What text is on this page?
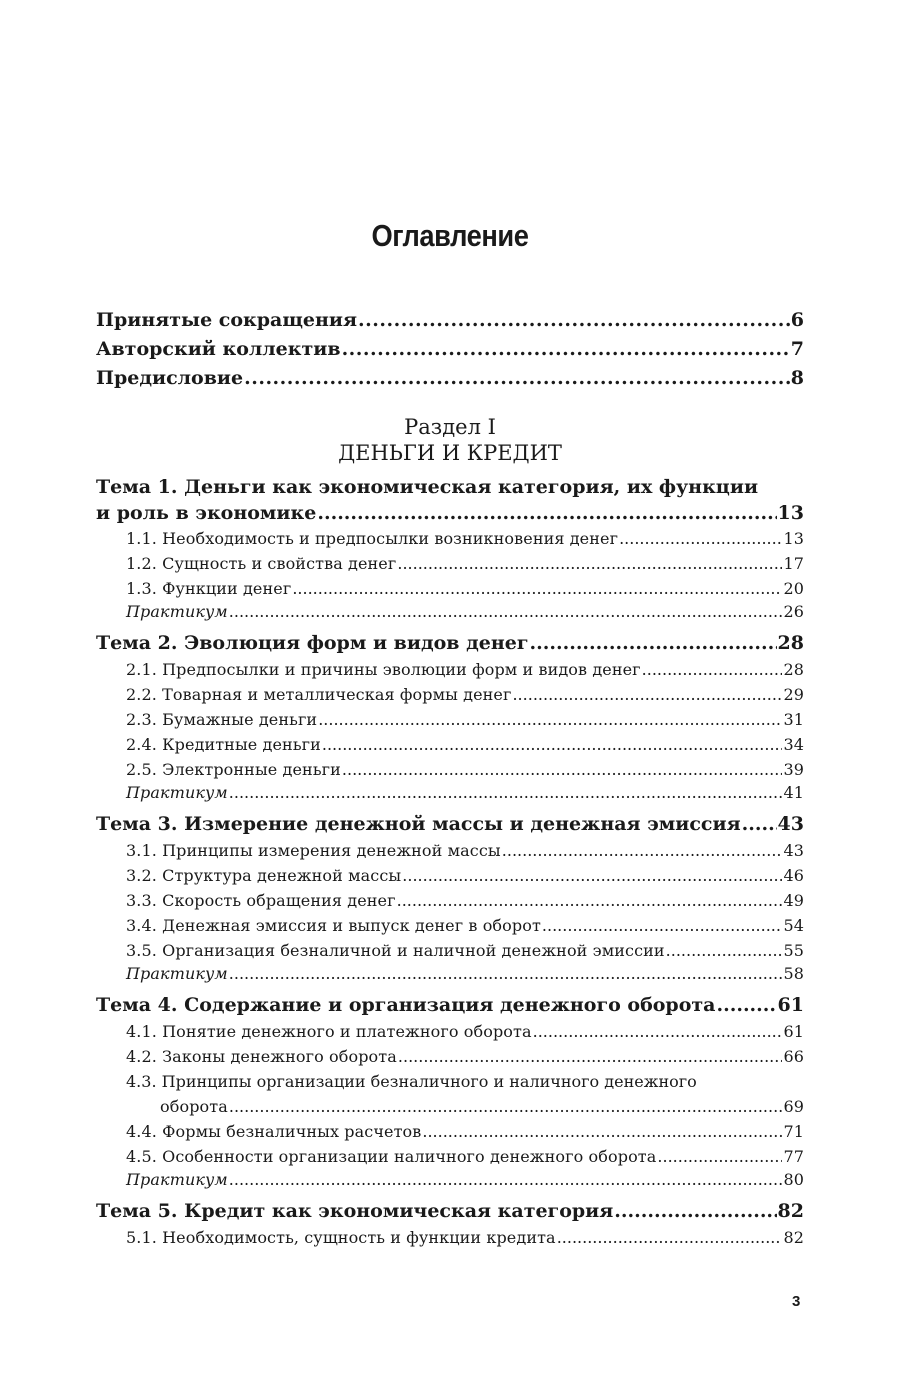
Оглавление
Принятые сокращения .....	6
Авторский коллектив .....	7
Предисловие .....	8
Раздел I
ДЕНЬГИ И КРЕДИТ
Тема 1. Деньги как экономическая категория, их функции
и роль в экономике .....	13
1.1. Необходимость и предпосылки возникновения денег .....	13
1.2. Сущность и свойства денег .....	17
1.3. Функции денег .....	20
Практикум .....	26
Тема 2. Эволюция форм и видов денег .....	28
2.1. Предпосылки и причины эволюции форм и видов денег .....	28
2.2. Товарная и металлическая формы денег .....	29
2.3. Бумажные деньги .....	31
2.4. Кредитные деньги .....	34
2.5. Электронные деньги .....	39
Практикум .....	41
Тема 3. Измерение денежной массы и денежная эмиссия ..... 43
3.1. Принципы измерения денежной массы .....	43
3.2. Структура денежной массы .....	46
3.3. Скорость обращения денег .....	49
3.4. Денежная эмиссия и выпуск денег в оборот .....	54
3.5. Организация безналичной и наличной денежной эмиссии .....	55
Практикум .....	58
Тема 4. Содержание и организация денежного оборота .....	61
4.1. Понятие денежного и платежного оборота .....	61
4.2. Законы денежного оборота .....	66
4.3. Принципы организации безналичного и наличного денежного
оборота .....	69
4.4. Формы безналичных расчетов .....	71
4.5. Особенности организации наличного денежного оборота .....	77
Практикум .....	80
Тема 5. Кредит как экономическая категория .....	82
5.1. Необходимость, сущность и функции кредита .....	82
3
